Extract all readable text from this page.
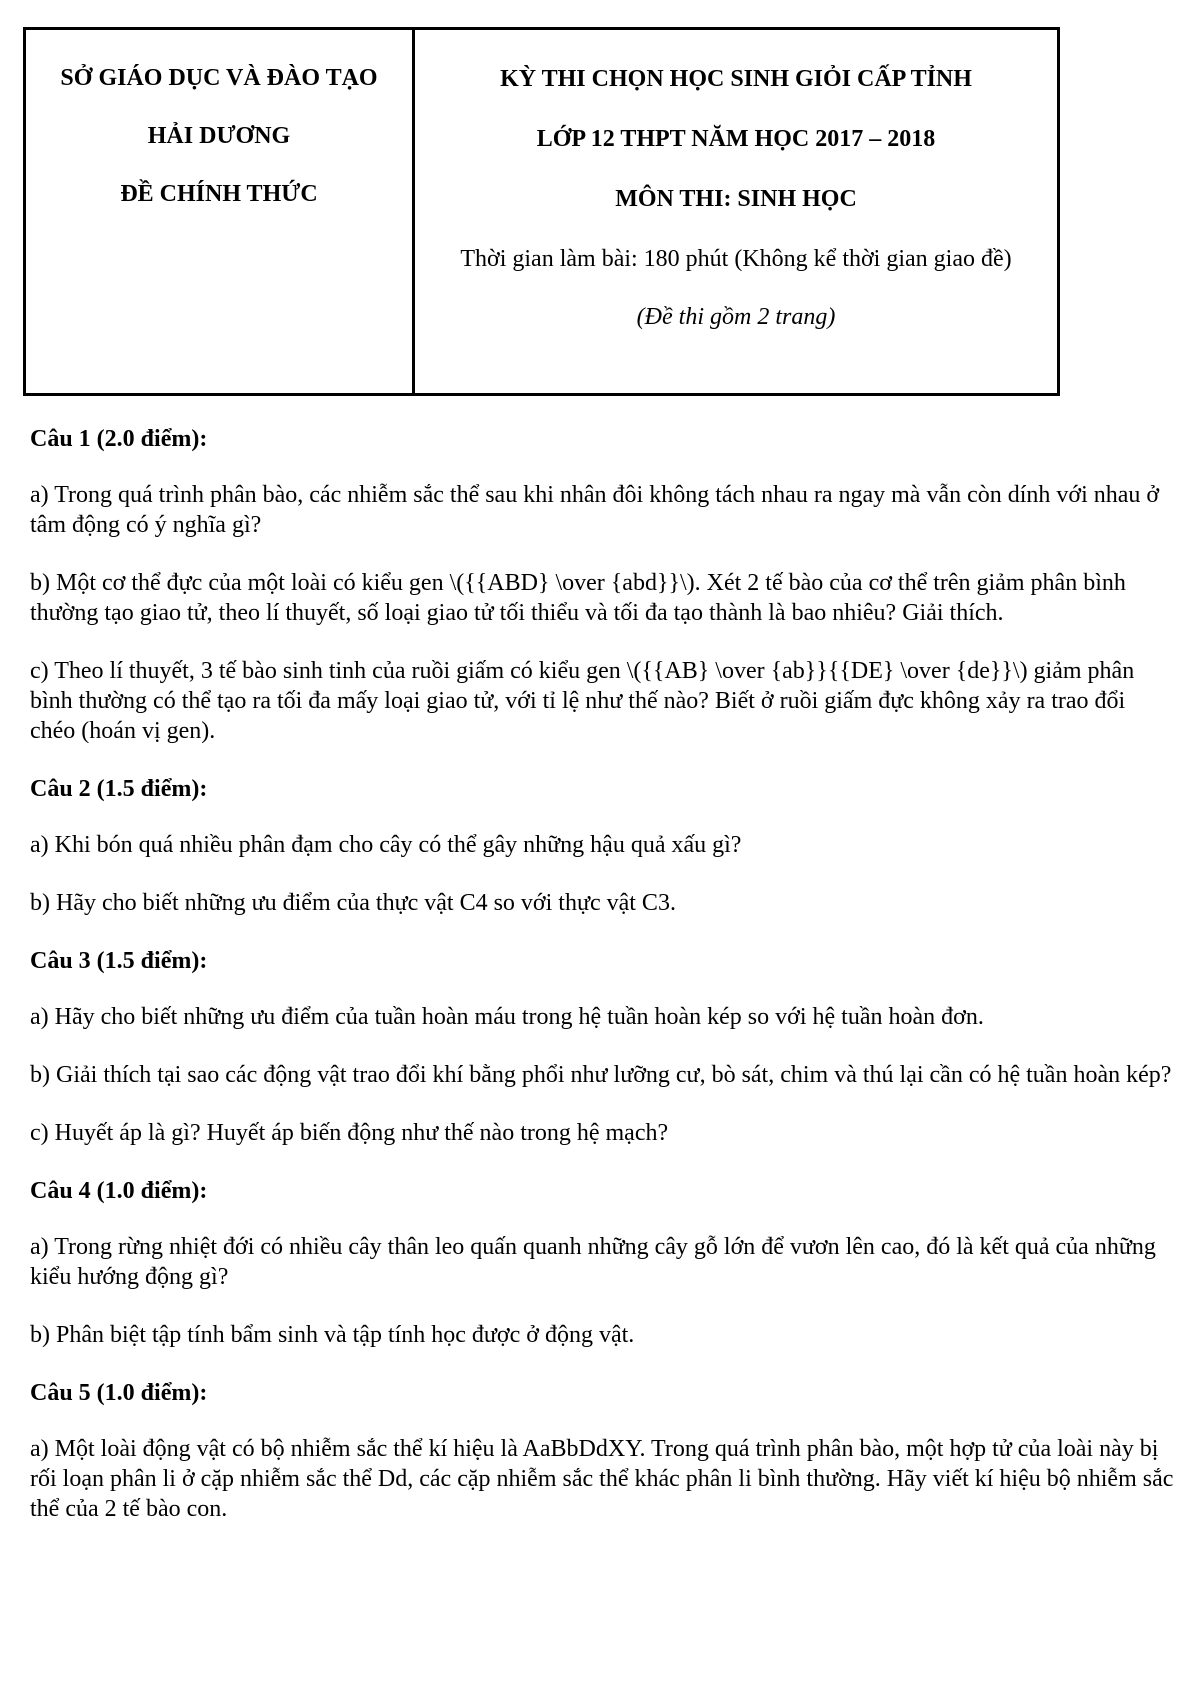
SỞ GIÁO DỤC VÀ ĐÀO TẠO
HẢI DƯƠNG
ĐỀ CHÍNH THỨC
KỲ THI CHỌN HỌC SINH GIỎI CẤP TỈNH
LỚP 12 THPT NĂM HỌC 2017 – 2018
MÔN THI: SINH HỌC
Thời gian làm bài: 180 phút (Không kể thời gian giao đề)
(Đề thi gồm 2 trang)

Câu 1 (2.0 điểm):

a) Trong quá trình phân bào, các nhiễm sắc thể sau khi nhân đôi không tách nhau ra ngay mà vẫn còn dính với nhau ở tâm động có ý nghĩa gì?

b) Một cơ thể đực của một loài có kiểu gen \({{ABD} \over {abd}}\). Xét 2 tế bào của cơ thể trên giảm phân bình thường tạo giao tử, theo lí thuyết, số loại giao tử tối thiểu và tối đa tạo thành là bao nhiêu? Giải thích.

c) Theo lí thuyết, 3 tế bào sinh tinh của ruồi giấm có kiểu gen \({{AB} \over {ab}}{{DE} \over {de}}\) giảm phân bình thường có thể tạo ra tối đa mấy loại giao tử, với tỉ lệ như thế nào? Biết ở ruồi giấm đực không xảy ra trao đổi chéo (hoán vị gen).

Câu 2 (1.5 điểm):

a) Khi bón quá nhiều phân đạm cho cây có thể gây những hậu quả xấu gì?

b) Hãy cho biết những ưu điểm của thực vật C4 so với thực vật C3.

Câu 3 (1.5 điểm):

a) Hãy cho biết những ưu điểm của tuần hoàn máu trong hệ tuần hoàn kép so với hệ tuần hoàn đơn.

b) Giải thích tại sao các động vật trao đổi khí bằng phổi như lưỡng cư, bò sát, chim và thú lại cần có hệ tuần hoàn kép?

c) Huyết áp là gì? Huyết áp biến động như thế nào trong hệ mạch?

Câu 4 (1.0 điểm):

a) Trong rừng nhiệt đới có nhiều cây thân leo quấn quanh những cây gỗ lớn để vươn lên cao, đó là kết quả của những kiểu hướng động gì?

b) Phân biệt tập tính bẩm sinh và tập tính học được ở động vật.

Câu 5 (1.0 điểm):

a) Một loài động vật có bộ nhiễm sắc thể kí hiệu là AaBbDdXY. Trong quá trình phân bào, một hợp tử của loài này bị rối loạn phân li ở cặp nhiễm sắc thể Dd, các cặp nhiễm sắc thể khác phân li bình thường. Hãy viết kí hiệu bộ nhiễm sắc thể của 2 tế bào con.
